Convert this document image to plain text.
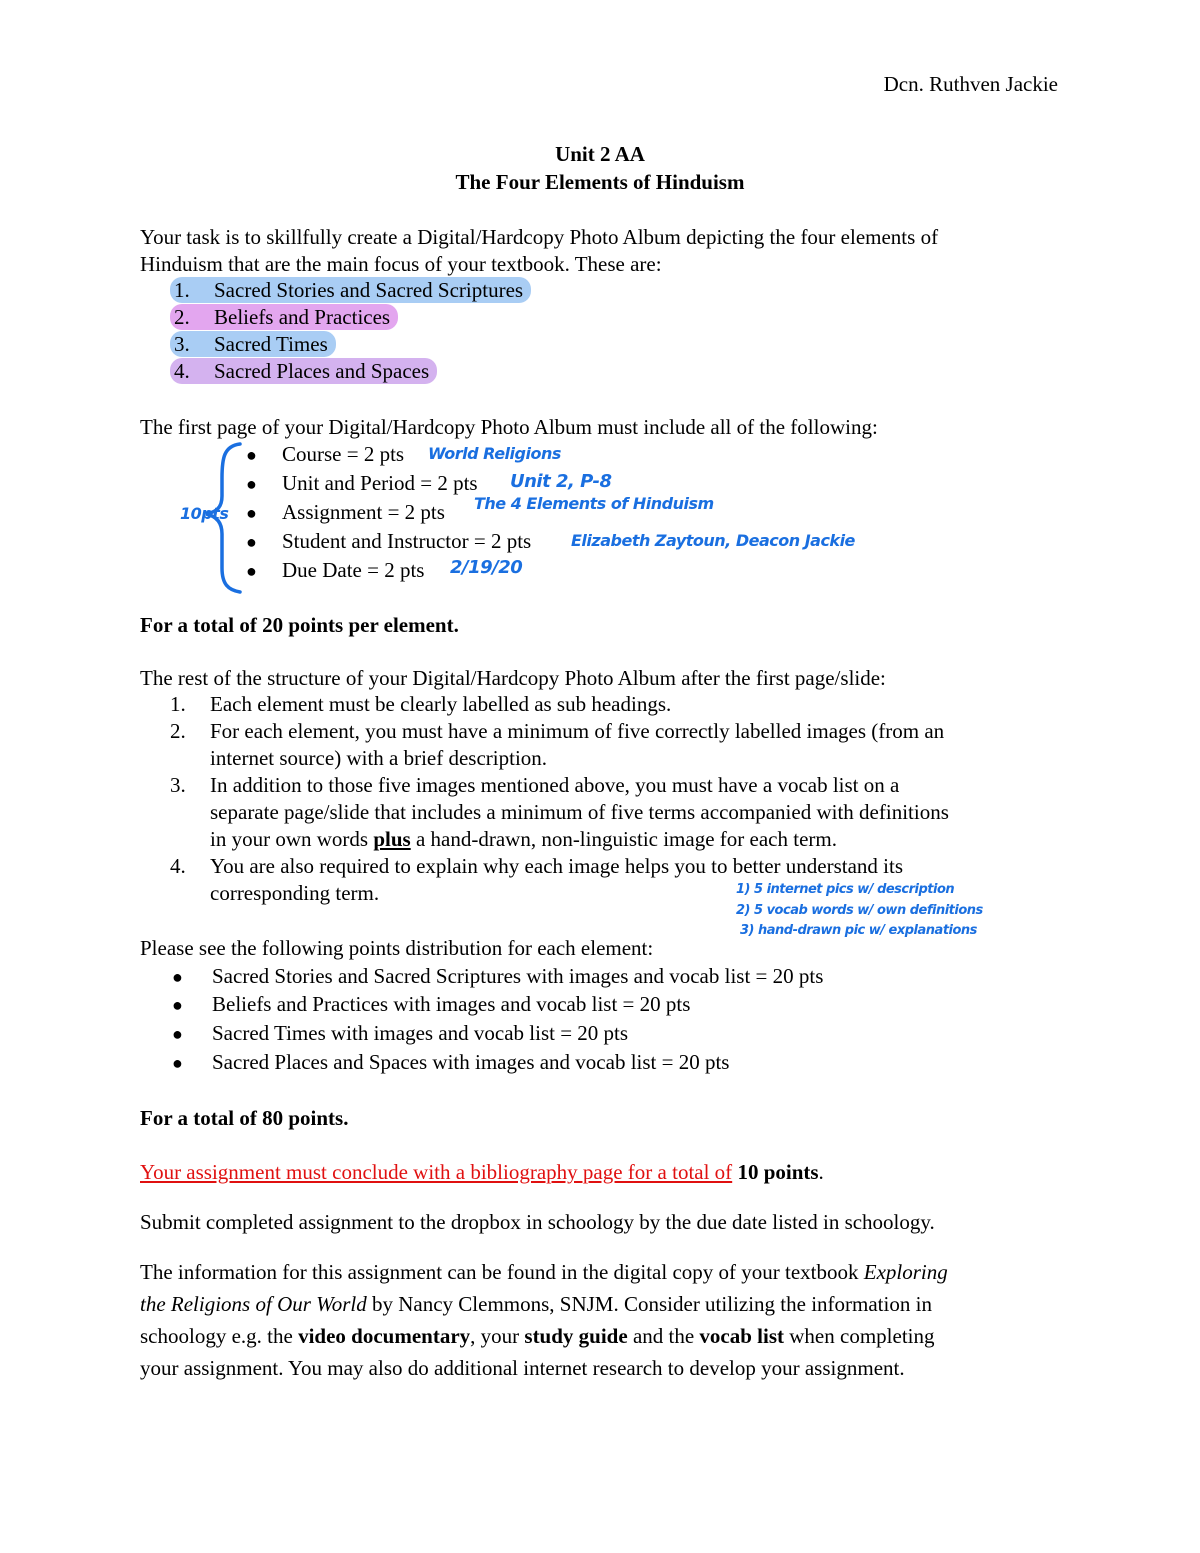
Dcn. Ruthven Jackie
Unit 2 AA
The Four Elements of Hinduism
Your task is to skillfully create a Digital/Hardcopy Photo Album depicting the four elements of
Hinduism that are the main focus of your textbook. These are:
1. Sacred Stories and Sacred Scriptures
2. Beliefs and Practices
3. Sacred Times
4. Sacred Places and Spaces
The first page of your Digital/Hardcopy Photo Album must include all of the following:
10pts
● Course = 2 pts World Religions
● Unit and Period = 2 pts Unit 2, P-8
● Assignment = 2 pts The 4 Elements of Hinduism
● Student and Instructor = 2 pts Elizabeth Zaytoun, Deacon Jackie
● Due Date = 2 pts 2/19/20
For a total of 20 points per element.
The rest of the structure of your Digital/Hardcopy Photo Album after the first page/slide:
1. Each element must be clearly labelled as sub headings.
2. For each element, you must have a minimum of five correctly labelled images (from an
internet source) with a brief description.
3. In addition to those five images mentioned above, you must have a vocab list on a
separate page/slide that includes a minimum of five terms accompanied with definitions
in your own words plus a hand-drawn, non-linguistic image for each term.
4. You are also required to explain why each image helps you to better understand its
corresponding term.	1) 5 internet pics w/ description
2) 5 vocab words w/ own definitions
3) hand-drawn pic w/ explanations
Please see the following points distribution for each element:
● Sacred Stories and Sacred Scriptures with images and vocab list = 20 pts
● Beliefs and Practices with images and vocab list = 20 pts
● Sacred Times with images and vocab list = 20 pts
● Sacred Places and Spaces with images and vocab list = 20 pts
For a total of 80 points.
Your assignment must conclude with a bibliography page for a total of 10 points.
Submit completed assignment to the dropbox in schoology by the due date listed in schoology.
The information for this assignment can be found in the digital copy of your textbook Exploring
the Religions of Our World by Nancy Clemmons, SNJM. Consider utilizing the information in
schoology e.g. the video documentary, your study guide and the vocab list when completing
your assignment. You may also do additional internet research to develop your assignment.
